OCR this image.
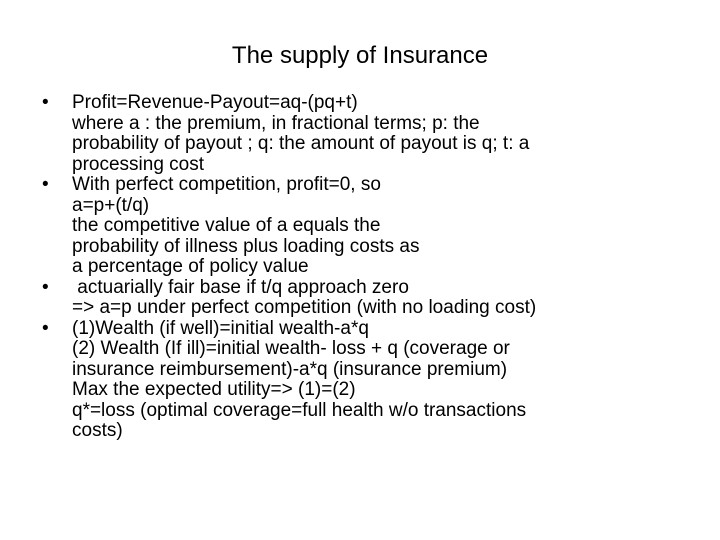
The supply of Insurance
• Profit=Revenue-Payout=aq-(pq+t)
where a : the premium, in fractional terms; p: the
probability of payout ; q: the amount of payout is q; t: a
processing cost
• With perfect competition, profit=0, so
a=p+(t/q)
the competitive value of a equals the
probability of illness plus loading costs as
a percentage of policy value
• actuarially fair base if t/q approach zero
=> a=p under perfect competition (with no loading cost)
• (1)Wealth (if well)=initial wealth-a*q
(2) Wealth (If ill)=initial wealth- loss + q (coverage or
insurance reimbursement)-a*q (insurance premium)
Max the expected utility=> (1)=(2)
q*=loss (optimal coverage=full health w/o transactions
costs)
